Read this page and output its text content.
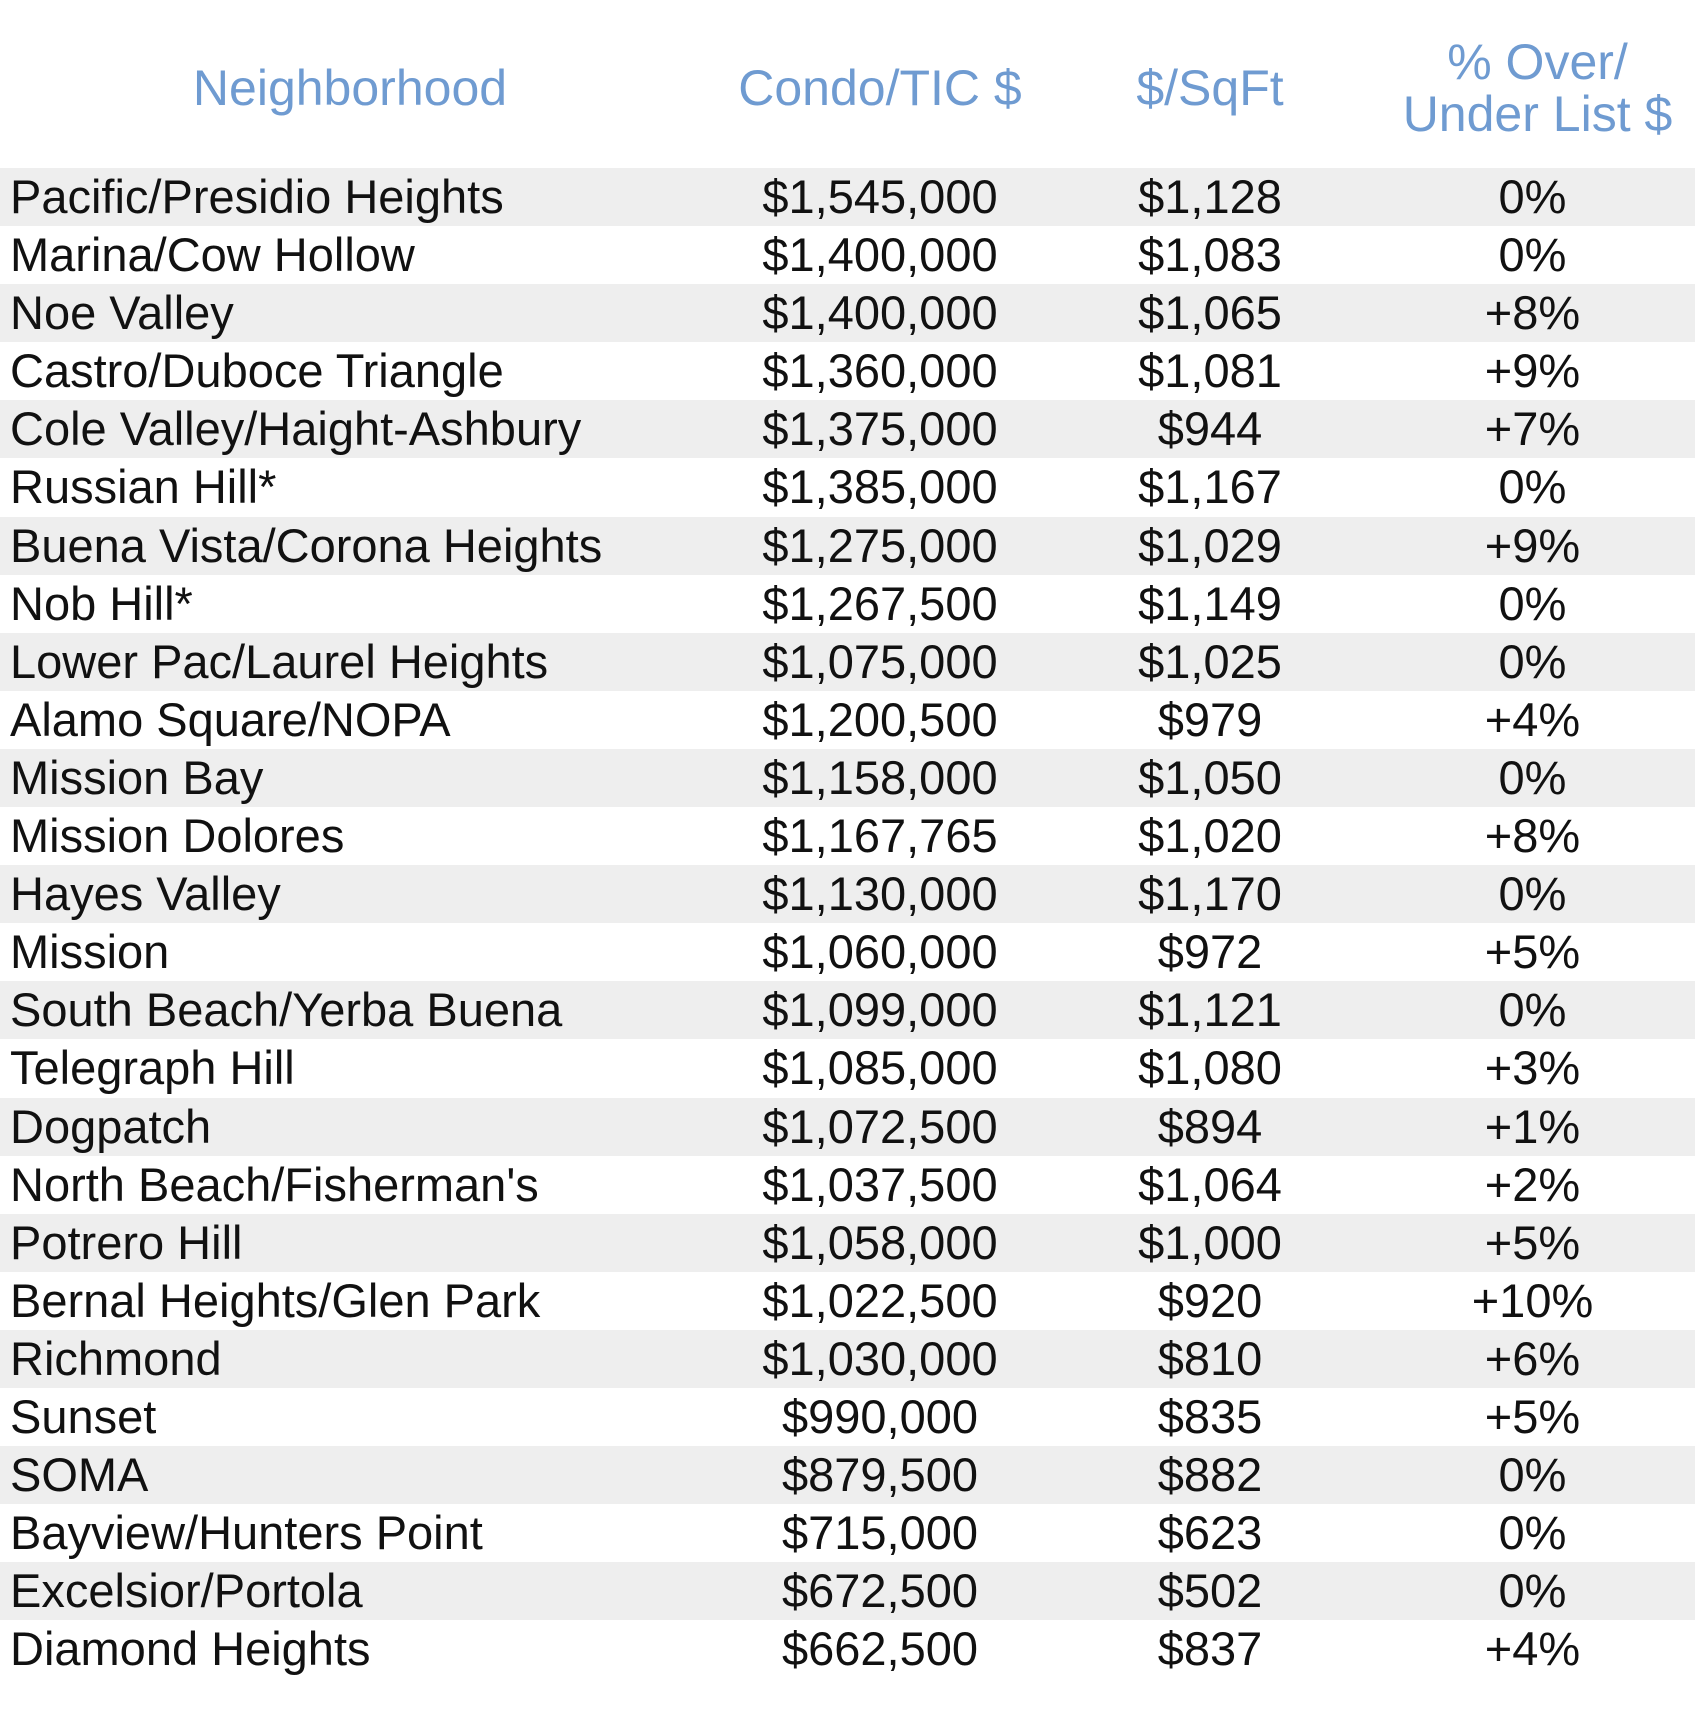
Neighborhood	Condo/TIC $	$/SqFt	% Over/
Under List $
Pacific/Presidio Heights	$1,545,000	$1,128	0%
Marina/Cow Hollow	$1,400,000	$1,083	0%
Noe Valley	$1,400,000	$1,065	+8%
Castro/Duboce Triangle	$1,360,000	$1,081	+9%
Cole Valley/Haight-Ashbury	$1,375,000	$944	+7%
Russian Hill*	$1,385,000	$1,167	0%
Buena Vista/Corona Heights	$1,275,000	$1,029	+9%
Nob Hill*	$1,267,500	$1,149	0%
Lower Pac/Laurel Heights	$1,075,000	$1,025	0%
Alamo Square/NOPA	$1,200,500	$979	+4%
Mission Bay	$1,158,000	$1,050	0%
Mission Dolores	$1,167,765	$1,020	+8%
Hayes Valley	$1,130,000	$1,170	0%
Mission	$1,060,000	$972	+5%
South Beach/Yerba Buena	$1,099,000	$1,121	0%
Telegraph Hill	$1,085,000	$1,080	+3%
Dogpatch	$1,072,500	$894	+1%
North Beach/Fisherman's	$1,037,500	$1,064	+2%
Potrero Hill	$1,058,000	$1,000	+5%
Bernal Heights/Glen Park	$1,022,500	$920	+10%
Richmond	$1,030,000	$810	+6%
Sunset	$990,000	$835	+5%
SOMA	$879,500	$882	0%
Bayview/Hunters Point	$715,000	$623	0%
Excelsior/Portola	$672,500	$502	0%
Diamond Heights	$662,500	$837	+4%
